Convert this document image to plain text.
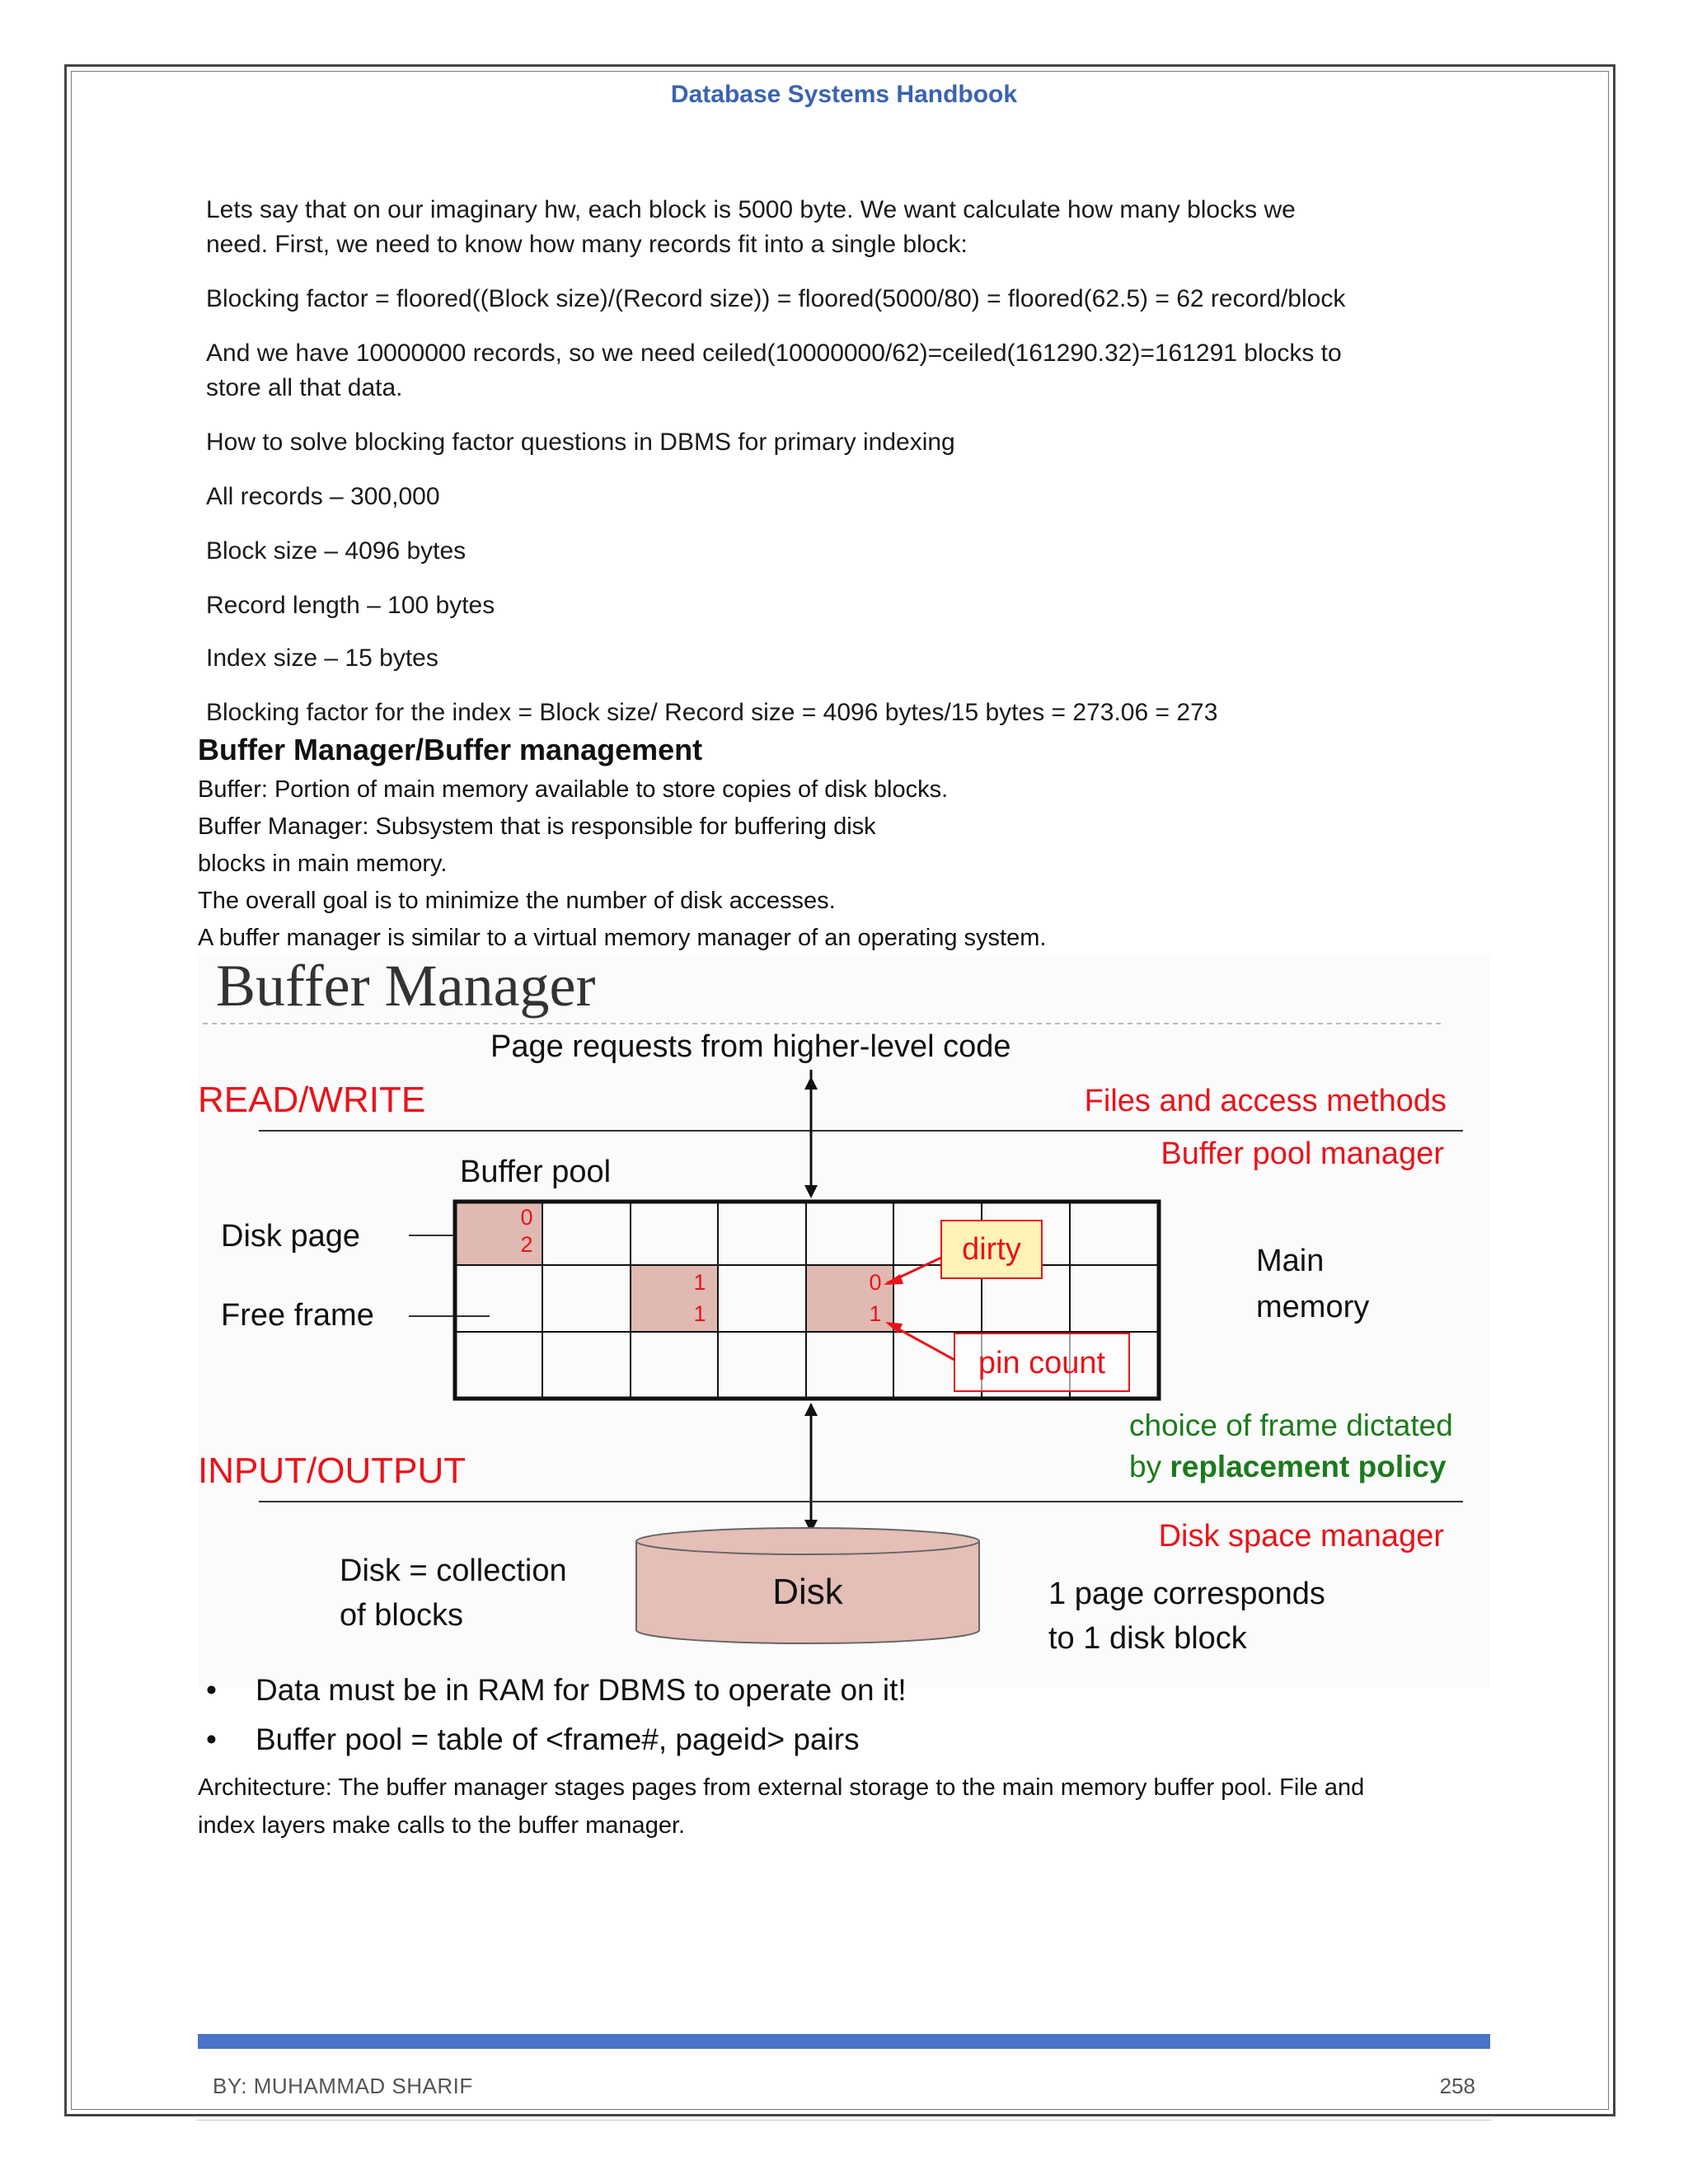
Database Systems Handbook
Lets say that on our imaginary hw, each block is 5000 byte. We want calculate how many blocks we
need. First, we need to know how many records fit into a single block:
Blocking factor = floored((Block size)/(Record size)) = floored(5000/80) = floored(62.5) = 62 record/block
And we have 10000000 records, so we need ceiled(10000000/62)=ceiled(161290.32)=161291 blocks to
store all that data.
How to solve blocking factor questions in DBMS for primary indexing
All records – 300,000
Block size – 4096 bytes
Record length – 100 bytes
Index size – 15 bytes
Blocking factor for the index = Block size/ Record size = 4096 bytes/15 bytes = 273.06 = 273
Buffer Manager/Buffer management
Buffer: Portion of main memory available to store copies of disk blocks.
Buffer Manager: Subsystem that is responsible for buffering disk
blocks in main memory.
The overall goal is to minimize the number of disk accesses.
A buffer manager is similar to a virtual memory manager of an operating system.
Buffer Manager
Page requests from higher-level code
READ/WRITE	Files and access methods
Buffer pool manager
Buffer pool
Disk page
Free frame
0
2
1
1
0
1
dirty
pin count
Main
memory
choice of frame dictated
by replacement policy
INPUT/OUTPUT
Disk space manager
Disk = collection
of blocks
Disk	1 page corresponds
to 1 disk block
• Data must be in RAM for DBMS to operate on it!
• Buffer pool = table of <frame#, pageid> pairs
Architecture: The buffer manager stages pages from external storage to the main memory buffer pool. File and
index layers make calls to the buffer manager.
BY: MUHAMMAD SHARIF	258
